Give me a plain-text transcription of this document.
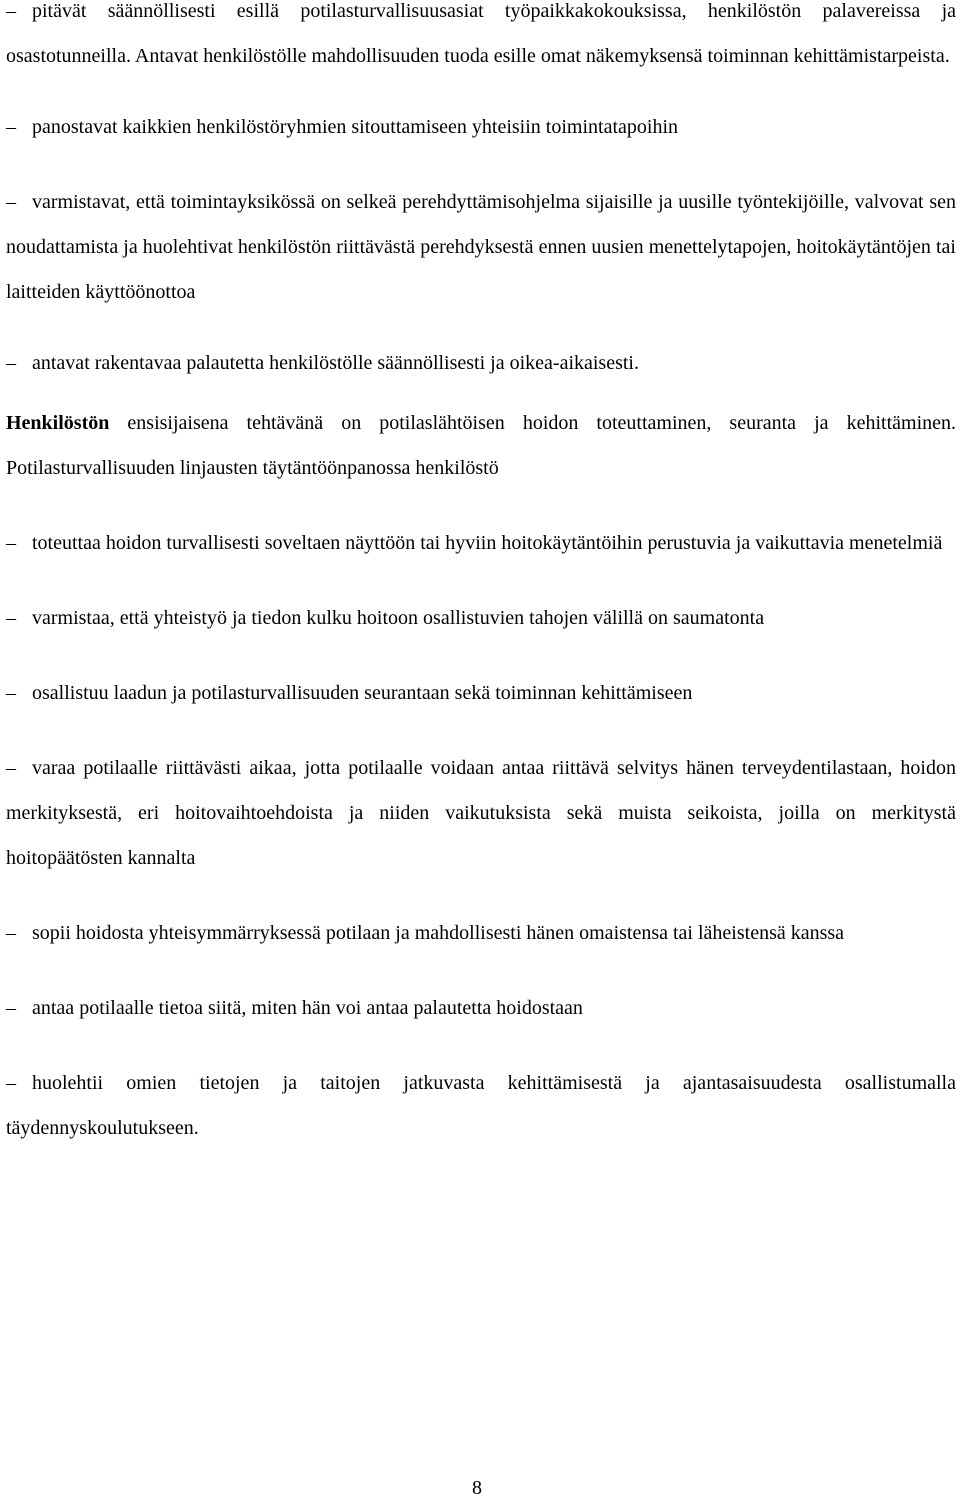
– pitävät säännöllisesti esillä potilasturvallisuusasiat työpaikkakokouksissa, henkilöstön palavereissa ja osastotunneilla. Antavat henkilöstölle mahdollisuuden tuoda esille omat näkemyksensä toiminnan kehittämistarpeista.
– panostavat kaikkien henkilöstöryhmien sitouttamiseen yhteisiin toimintatapoihin
– varmistavat, että toimintayksikössä on selkeä perehdyttämisohjelma sijaisille ja uusille työntekijöille, valvovat sen noudattamista ja huolehtivat henkilöstön riittävästä perehdyksestä ennen uusien menettelytapojen, hoitokäytäntöjen tai laitteiden käyttöönottoa
– antavat rakentavaa palautetta henkilöstölle säännöllisesti ja oikea-aikaisesti.

Henkilöstön ensisijaisena tehtävänä on potilaslähtöisen hoidon toteuttaminen, seuranta ja kehittäminen. Potilasturvallisuuden linjausten täytäntöönpanossa henkilöstö

– toteuttaa hoidon turvallisesti soveltaen näyttöön tai hyviin hoitokäytäntöihin perustuvia ja vaikuttavia menetelmiä
– varmistaa, että yhteistyö ja tiedon kulku hoitoon osallistuvien tahojen välillä on saumatonta
– osallistuu laadun ja potilasturvallisuuden seurantaan sekä toiminnan kehittämiseen
– varaa potilaalle riittävästi aikaa, jotta potilaalle voidaan antaa riittävä selvitys hänen terveydentilastaan, hoidon merkityksestä, eri hoitovaihtoehdoista ja niiden vaikutuksista sekä muista seikoista, joilla on merkitystä hoitopäätösten kannalta
– sopii hoidosta yhteisymmärryksessä potilaan ja mahdollisesti hänen omaistensa tai läheistensä kanssa
– antaa potilaalle tietoa siitä, miten hän voi antaa palautetta hoidostaan
– huolehtii omien tietojen ja taitojen jatkuvasta kehittämisestä ja ajantasaisuudesta osallistumalla täydennyskoulutukseen.
8
